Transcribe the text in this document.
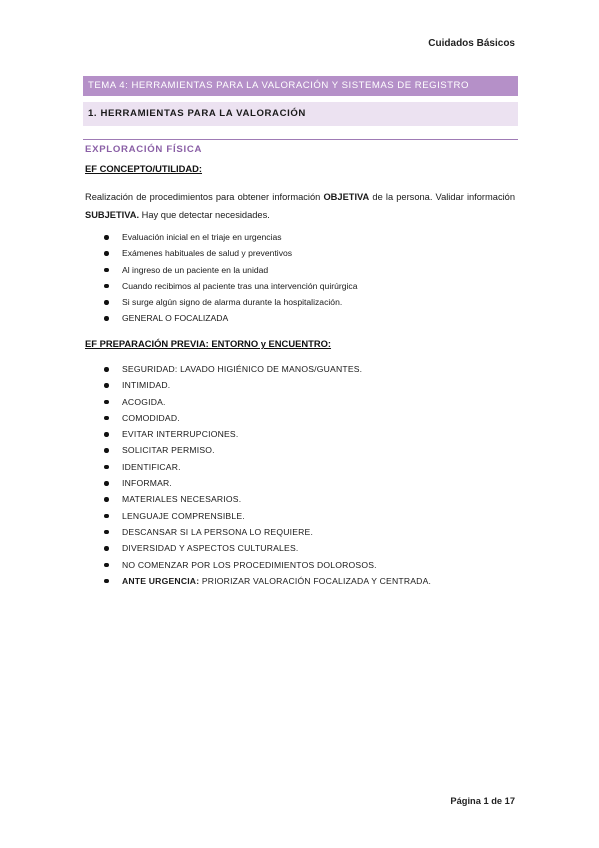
Cuidados Básicos
TEMA 4: HERRAMIENTAS PARA LA VALORACIÓN Y SISTEMAS DE REGISTRO
1. HERRAMIENTAS PARA LA VALORACIÓN
EXPLORACIÓN FÍSICA
EF CONCEPTO/UTILIDAD:
Realización de procedimientos para obtener información OBJETIVA de la persona. Validar información SUBJETIVA. Hay que detectar necesidades.
Evaluación inicial en el triaje en urgencias
Exámenes habituales de salud y preventivos
Al ingreso de un paciente en la unidad
Cuando recibimos al paciente tras una intervención quirúrgica
Si surge algún signo de alarma durante la hospitalización.
GENERAL O FOCALIZADA
EF PREPARACIÓN PREVIA: ENTORNO y ENCUENTRO:
SEGURIDAD: LAVADO HIGIÉNICO DE MANOS/GUANTES.
INTIMIDAD.
ACOGIDA.
COMODIDAD.
EVITAR INTERRUPCIONES.
SOLICITAR PERMISO.
IDENTIFICAR.
INFORMAR.
MATERIALES NECESARIOS.
LENGUAJE COMPRENSIBLE.
DESCANSAR SI LA PERSONA LO REQUIERE.
DIVERSIDAD Y ASPECTOS CULTURALES.
NO COMENZAR POR LOS PROCEDIMIENTOS DOLOROSOS.
ANTE URGENCIA: PRIORIZAR VALORACIÓN FOCALIZADA Y CENTRADA.
Página 1 de 17
